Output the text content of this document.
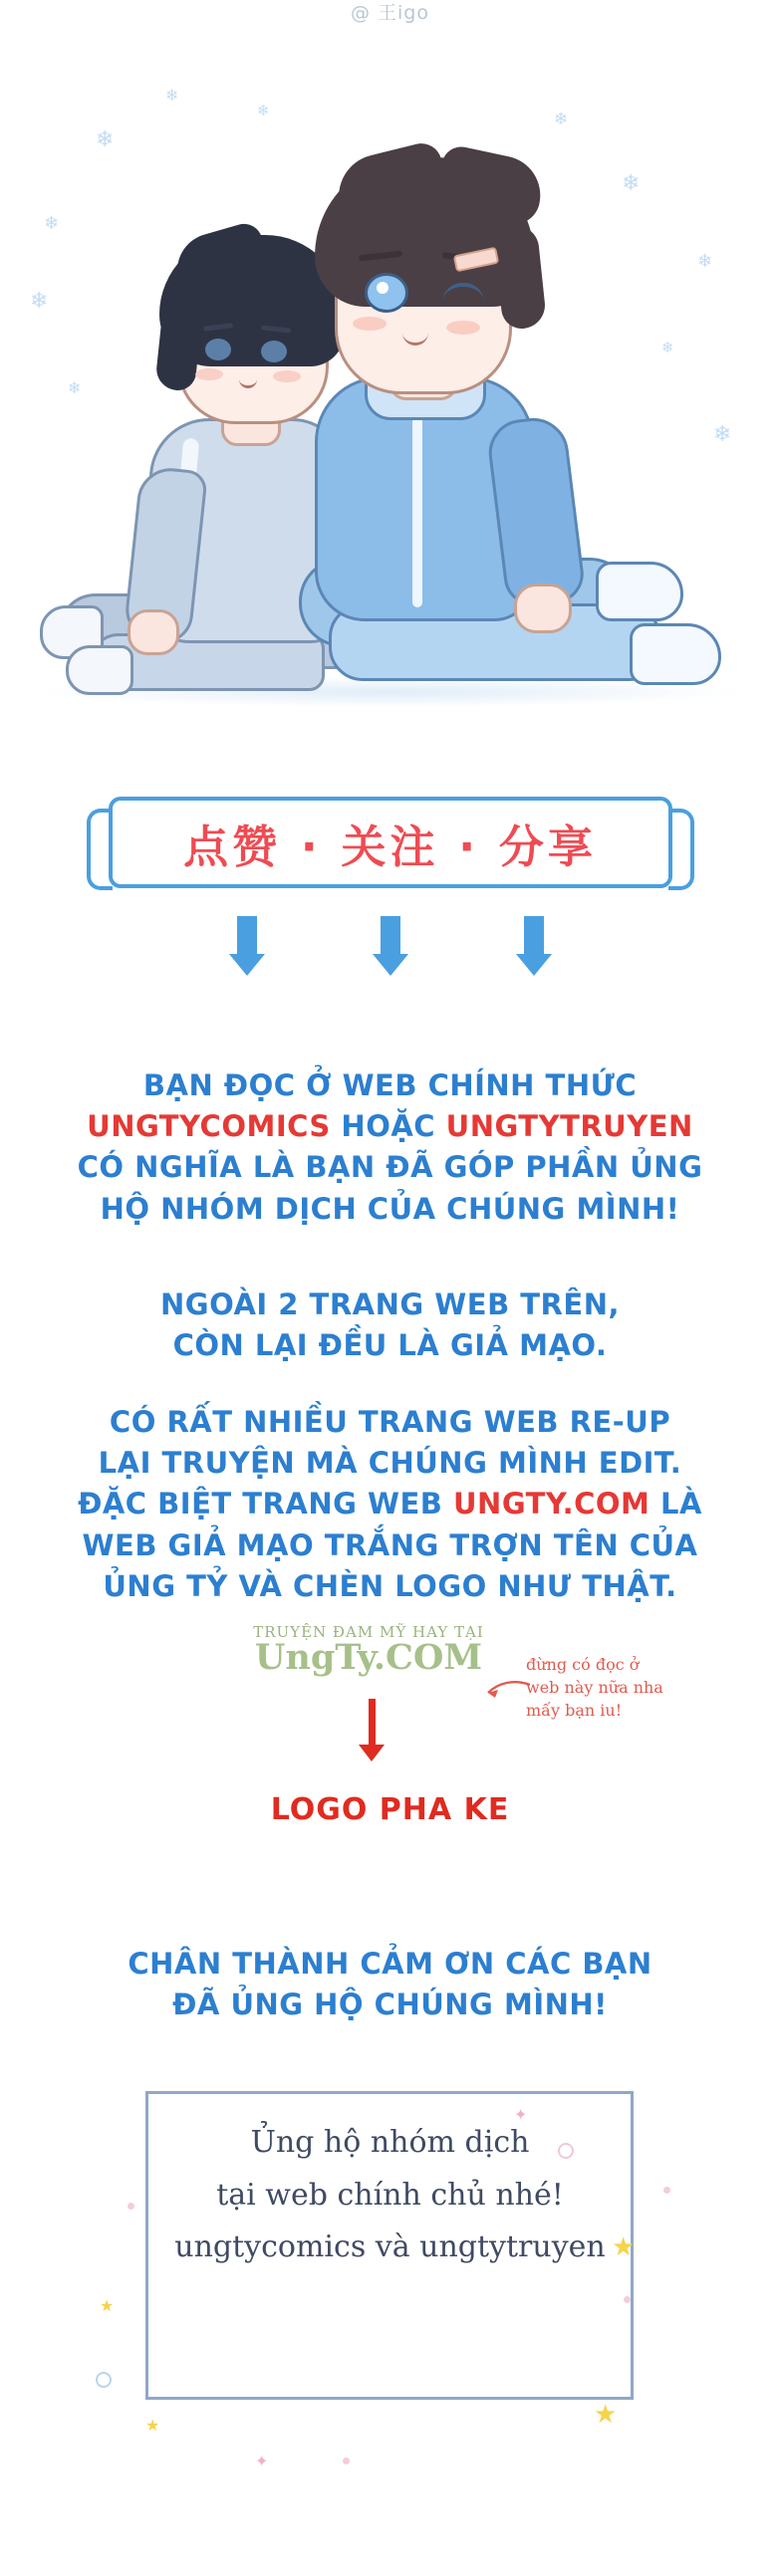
@ 王igo
❄
❄
❄
❄
❄
❄
❄
❄
❄
❄
❄
点赞 · 关注 · 分享
BẠN ĐỌC Ở WEB CHÍNH THỨC
UNGTYCOMICS HOẶC UNGTYTRUYEN
CÓ NGHĨA LÀ BẠN ĐÃ GÓP PHẦN ỦNG
HỘ NHÓM DỊCH CỦA CHÚNG MÌNH!
NGOÀI 2 TRANG WEB TRÊN,
CÒN LẠI ĐỀU LÀ GIẢ MẠO.
CÓ RẤT NHIỀU TRANG WEB RE-UP
LẠI TRUYỆN MÀ CHÚNG MÌNH EDIT.
ĐẶC BIỆT TRANG WEB UNGTY.COM LÀ
WEB GIẢ MẠO TRẮNG TRỢN TÊN CỦA
ỦNG TỶ VÀ CHÈN LOGO NHƯ THẬT.
TRUYỆN ĐAM MỸ HAY TẠI
UngTy.COM	đừng có đọc ở
web này nữa nha
mấy bạn iu!
LOGO PHA KE
CHÂN THÀNH CẢM ƠN CÁC BẠN
ĐÃ ỦNG HỘ CHÚNG MÌNH!
Ủng hộ nhóm dịch
tại web chính chủ nhé!
ungtycomics và ungtytruyen ★
★
★	★
✦
✦
